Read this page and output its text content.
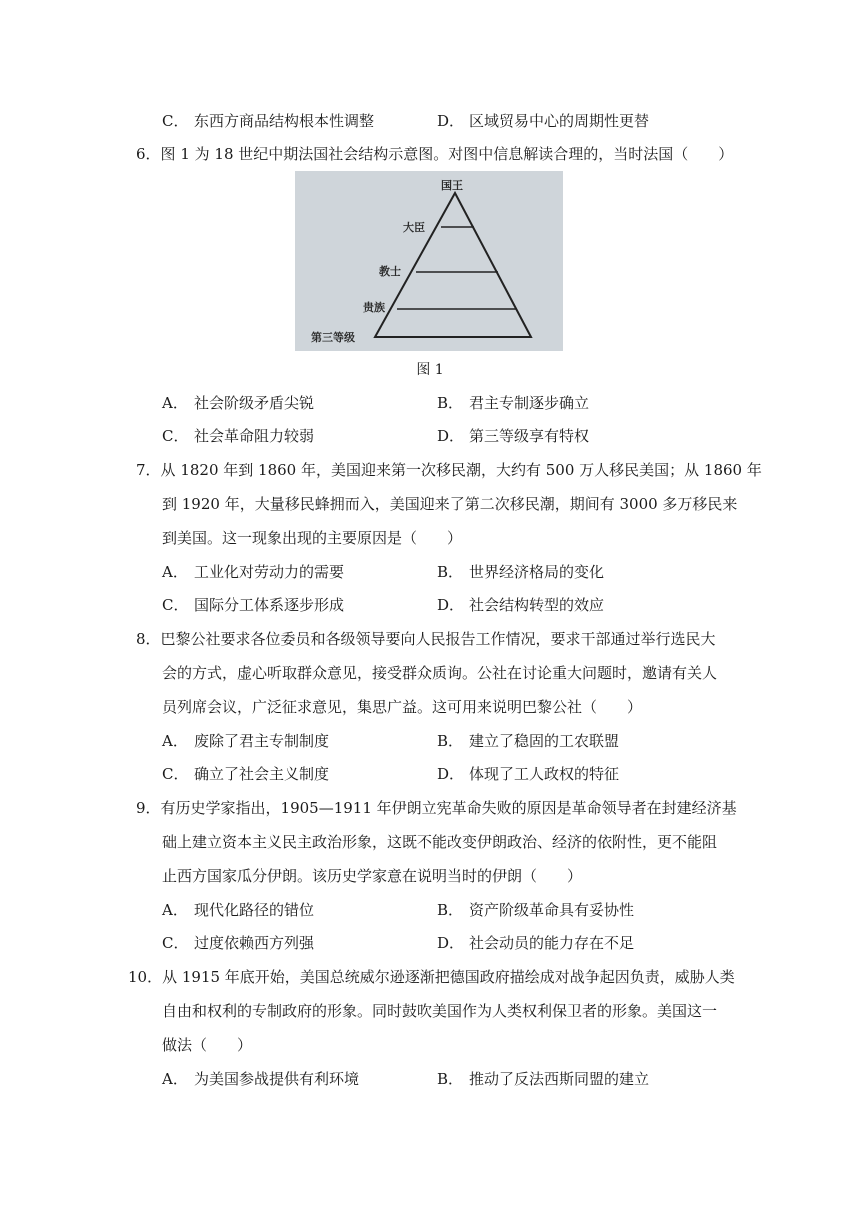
C． 东西方商品结构根本性调整	D． 区域贸易中心的周期性更替
6．图 1 为 18 世纪中期法国社会结构示意图。对图中信息解读合理的，当时法国（　　）
国王
大臣
教士
贵族
第三等级
图 1
A． 社会阶级矛盾尖锐	B． 君主专制逐步确立
C． 社会革命阻力较弱	D． 第三等级享有特权
7．从 1820 年到 1860 年，美国迎来第一次移民潮，大约有 500 万人移民美国；从 1860 年
到 1920 年，大量移民蜂拥而入，美国迎来了第二次移民潮，期间有 3000 多万移民来
到美国。这一现象出现的主要原因是（　　）
A． 工业化对劳动力的需要	B． 世界经济格局的变化
C． 国际分工体系逐步形成	D． 社会结构转型的效应
8．巴黎公社要求各位委员和各级领导要向人民报告工作情况，要求干部通过举行选民大
会的方式，虚心听取群众意见，接受群众质询。公社在讨论重大问题时，邀请有关人
员列席会议，广泛征求意见，集思广益。这可用来说明巴黎公社（　　）
A． 废除了君主专制制度	B． 建立了稳固的工农联盟
C． 确立了社会主义制度	D． 体现了工人政权的特征
9．有历史学家指出，1905—1911 年伊朗立宪革命失败的原因是革命领导者在封建经济基
础上建立资本主义民主政治形象，这既不能改变伊朗政治、经济的依附性，更不能阻
止西方国家瓜分伊朗。该历史学家意在说明当时的伊朗（　　）
A． 现代化路径的错位	B． 资产阶级革命具有妥协性
C． 过度依赖西方列强	D． 社会动员的能力存在不足
10．从 1915 年底开始，美国总统威尔逊逐渐把德国政府描绘成对战争起因负责，威胁人类
自由和权利的专制政府的形象。同时鼓吹美国作为人类权利保卫者的形象。美国这一
做法（　　）
A． 为美国参战提供有利环境	B． 推动了反法西斯同盟的建立
